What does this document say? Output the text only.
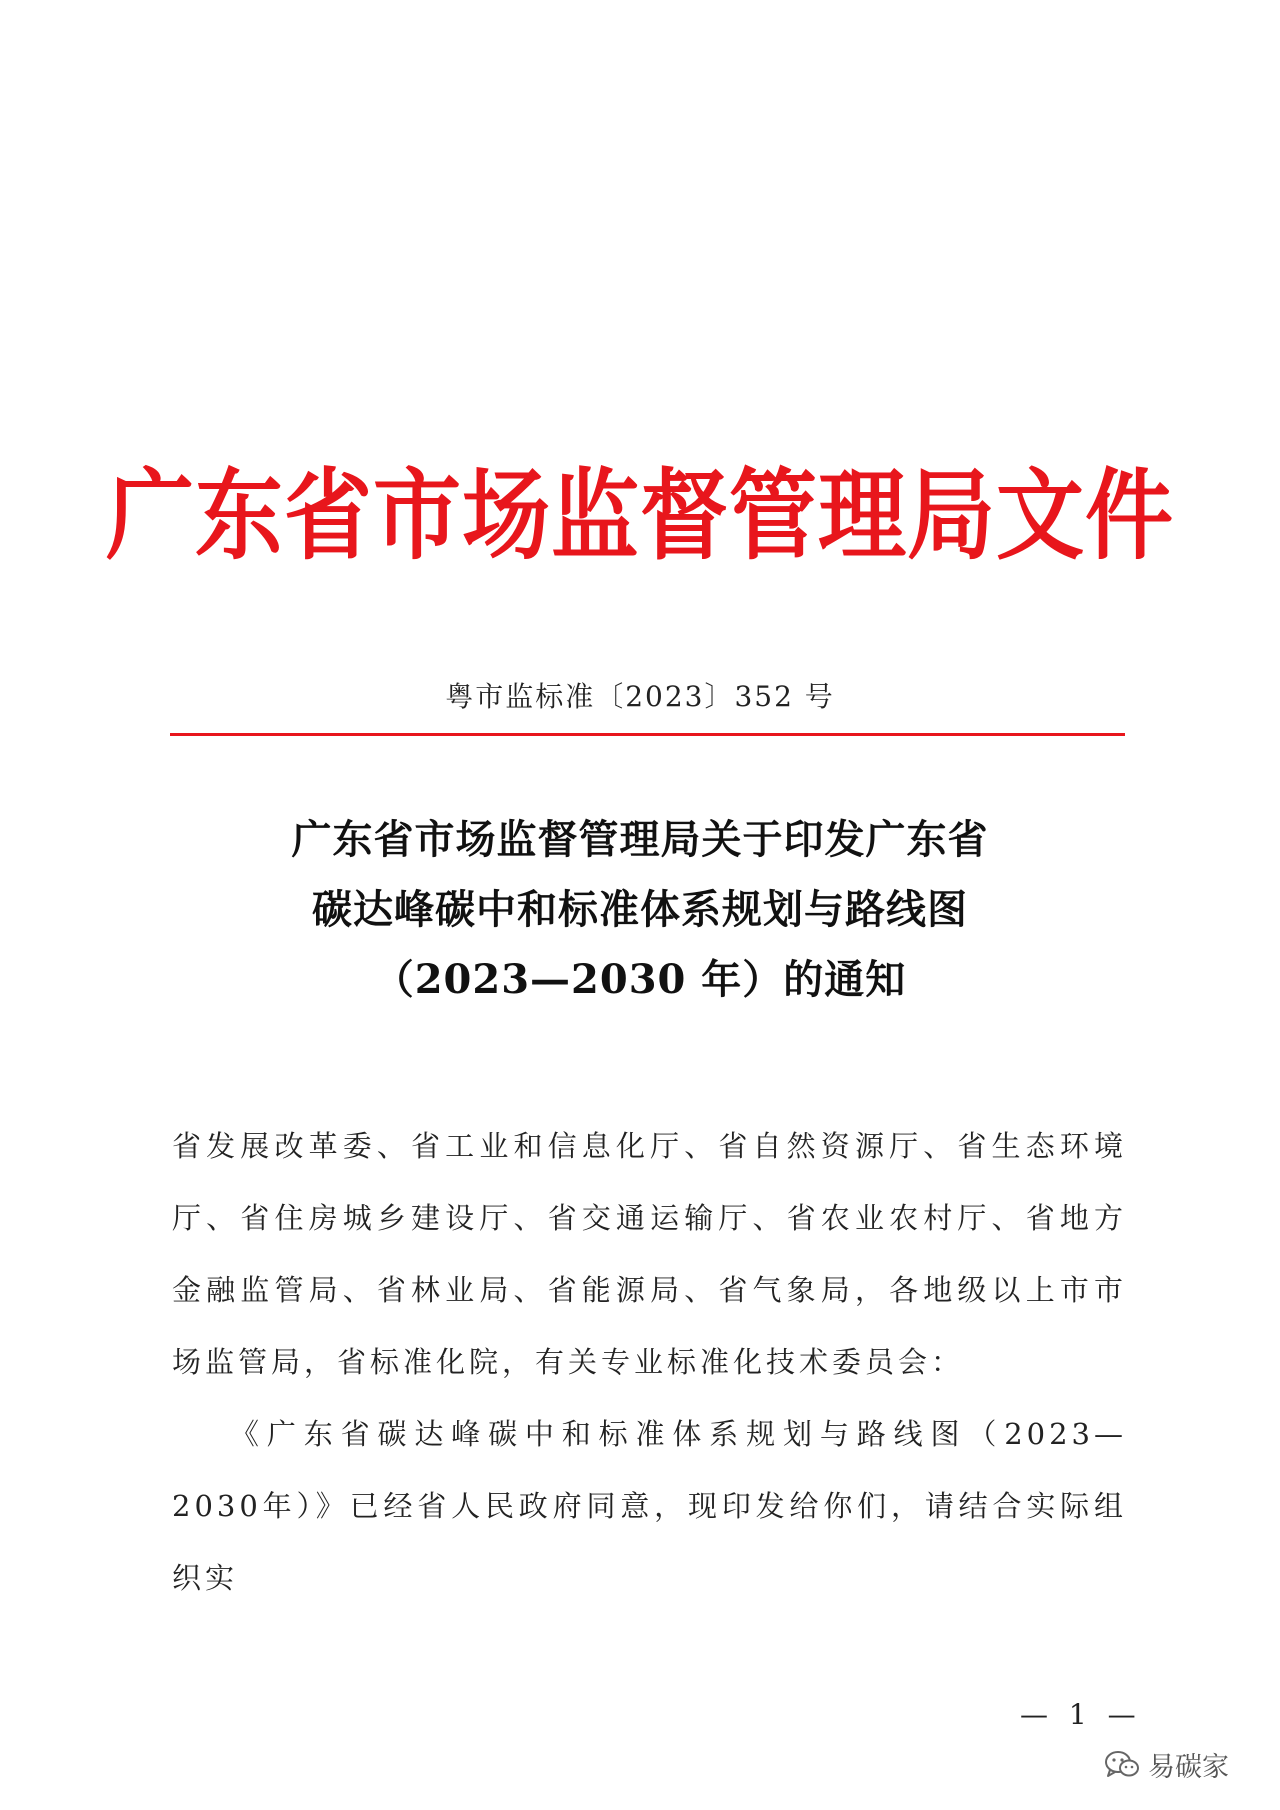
广东省市场监督管理局文件
粤市监标准〔2023〕352 号
广东省市场监督管理局关于印发广东省
碳达峰碳中和标准体系规划与路线图
（2023—2030 年）的通知

省发展改革委、省工业和信息化厅、省自然资源厅、省生态环境厅、省住房城乡建设厅、省交通运输厅、省农业农村厅、省地方金融监管局、省林业局、省能源局、省气象局，各地级以上市市场监管局，省标准化院，有关专业标准化技术委员会：

《广东省碳达峰碳中和标准体系规划与路线图（2023—2030年）》已经省人民政府同意，现印发给你们，请结合实际组织实

— 1 —
易碳家
